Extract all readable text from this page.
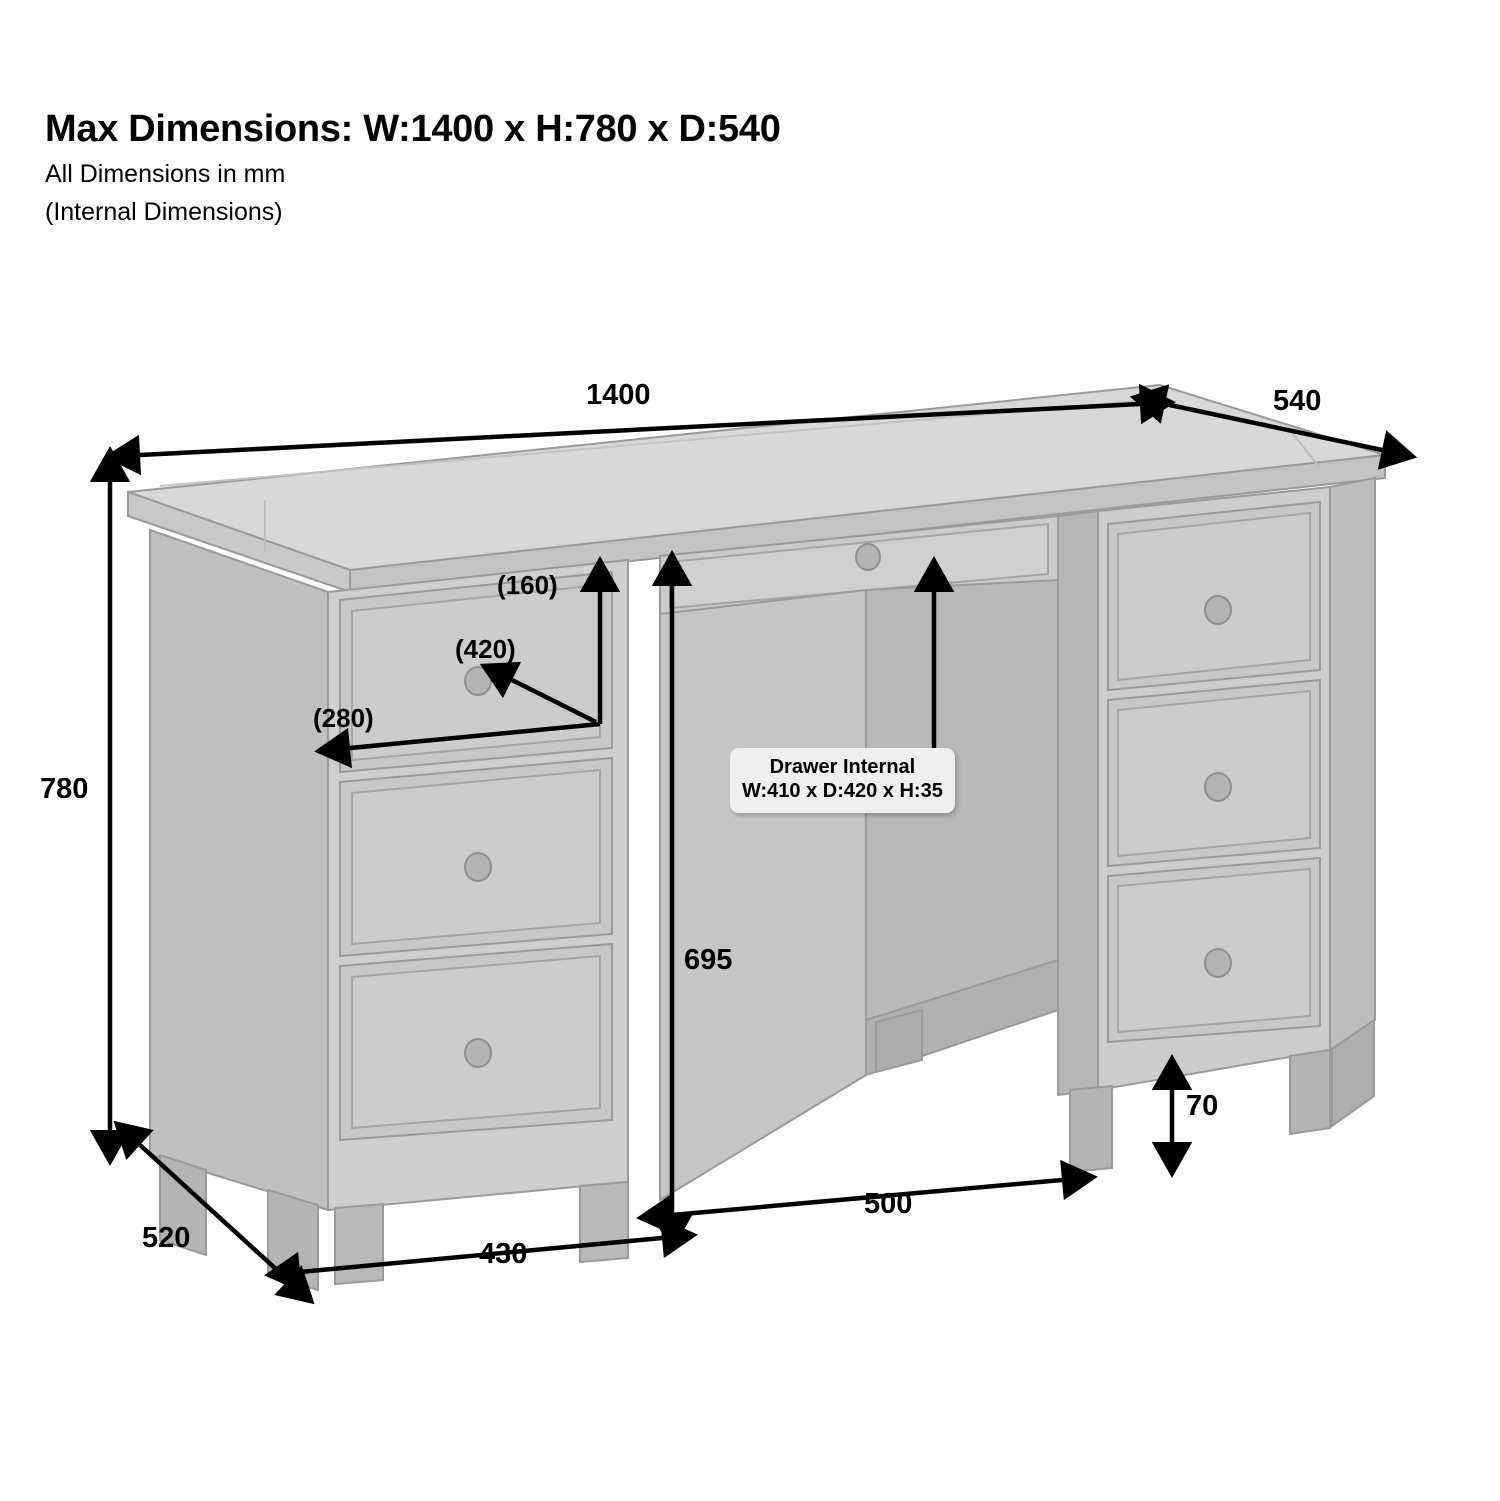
Max Dimensions: W:1400 x H:780 x D:540
All Dimensions in mm
(Internal Dimensions)
1400	540
780
695
500
430
520
70
(160)
(420)
(280)
Drawer Internal
W:410 x D:420 x H:35
